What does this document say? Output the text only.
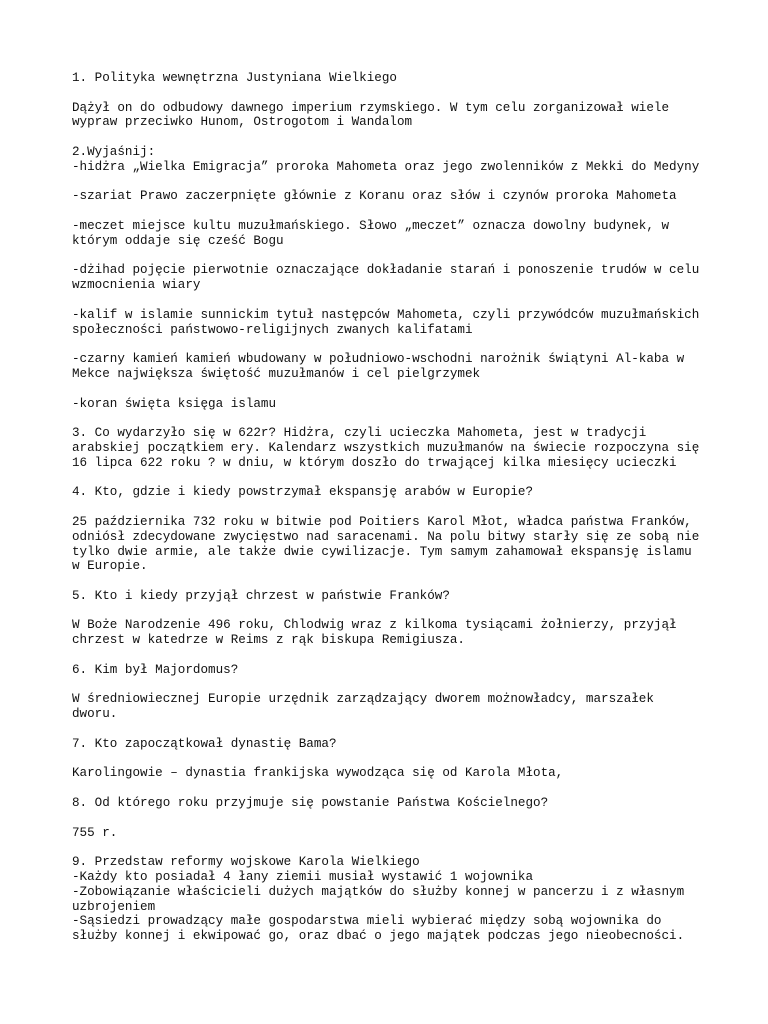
1. Polityka wewnętrzna Justyniana Wielkiego
Dążył on do odbudowy dawnego imperium rzymskiego. W tym celu zorganizował wiele
wypraw przeciwko Hunom, Ostrogotom i Wandalom
2.Wyjaśnij:
-hidżra „Wielka Emigracja” proroka Mahometa oraz jego zwolenników z Mekki do Medyny
-szariat Prawo zaczerpnięte głównie z Koranu oraz słów i czynów proroka Mahometa
-meczet miejsce kultu muzułmańskiego. Słowo „meczet” oznacza dowolny budynek, w
którym oddaje się cześć Bogu
-dżihad pojęcie pierwotnie oznaczające dokładanie starań i ponoszenie trudów w celu
wzmocnienia wiary
-kalif w islamie sunnickim tytuł następców Mahometa, czyli przywódców muzułmańskich
społeczności państwowo-religijnych zwanych kalifatami
-czarny kamień kamień wbudowany w południowo-wschodni narożnik świątyni Al-kaba w
Mekce największa świętość muzułmanów i cel pielgrzymek
-koran święta księga islamu
3. Co wydarzyło się w 622r? Hidżra, czyli ucieczka Mahometa, jest w tradycji
arabskiej początkiem ery. Kalendarz wszystkich muzułmanów na świecie rozpoczyna się
16 lipca 622 roku ? w dniu, w którym doszło do trwającej kilka miesięcy ucieczki
4. Kto, gdzie i kiedy powstrzymał ekspansję arabów w Europie?
25 października 732 roku w bitwie pod Poitiers Karol Młot, władca państwa Franków,
odniósł zdecydowane zwycięstwo nad saracenami. Na polu bitwy starły się ze sobą nie
tylko dwie armie, ale także dwie cywilizacje. Tym samym zahamował ekspansję islamu
w Europie.
5. Kto i kiedy przyjął chrzest w państwie Franków?
W Boże Narodzenie 496 roku, Chlodwig wraz z kilkoma tysiącami żołnierzy, przyjął
chrzest w katedrze w Reims z rąk biskupa Remigiusza.
6. Kim był Majordomus?
W średniowiecznej Europie urzędnik zarządzający dworem możnowładcy, marszałek
dworu.
7. Kto zapoczątkował dynastię Bama?
Karolingowie – dynastia frankijska wywodząca się od Karola Młota,
8. Od którego roku przyjmuje się powstanie Państwa Kościelnego?
755 r.
9. Przedstaw reformy wojskowe Karola Wielkiego
-Każdy kto posiadał 4 łany ziemii musiał wystawić 1 wojownika
-Zobowiązanie właścicieli dużych majątków do służby konnej w pancerzu i z własnym
uzbrojeniem
-Sąsiedzi prowadzący małe gospodarstwa mieli wybierać między sobą wojownika do
służby konnej i ekwipować go, oraz dbać o jego majątek podczas jego nieobecności.
